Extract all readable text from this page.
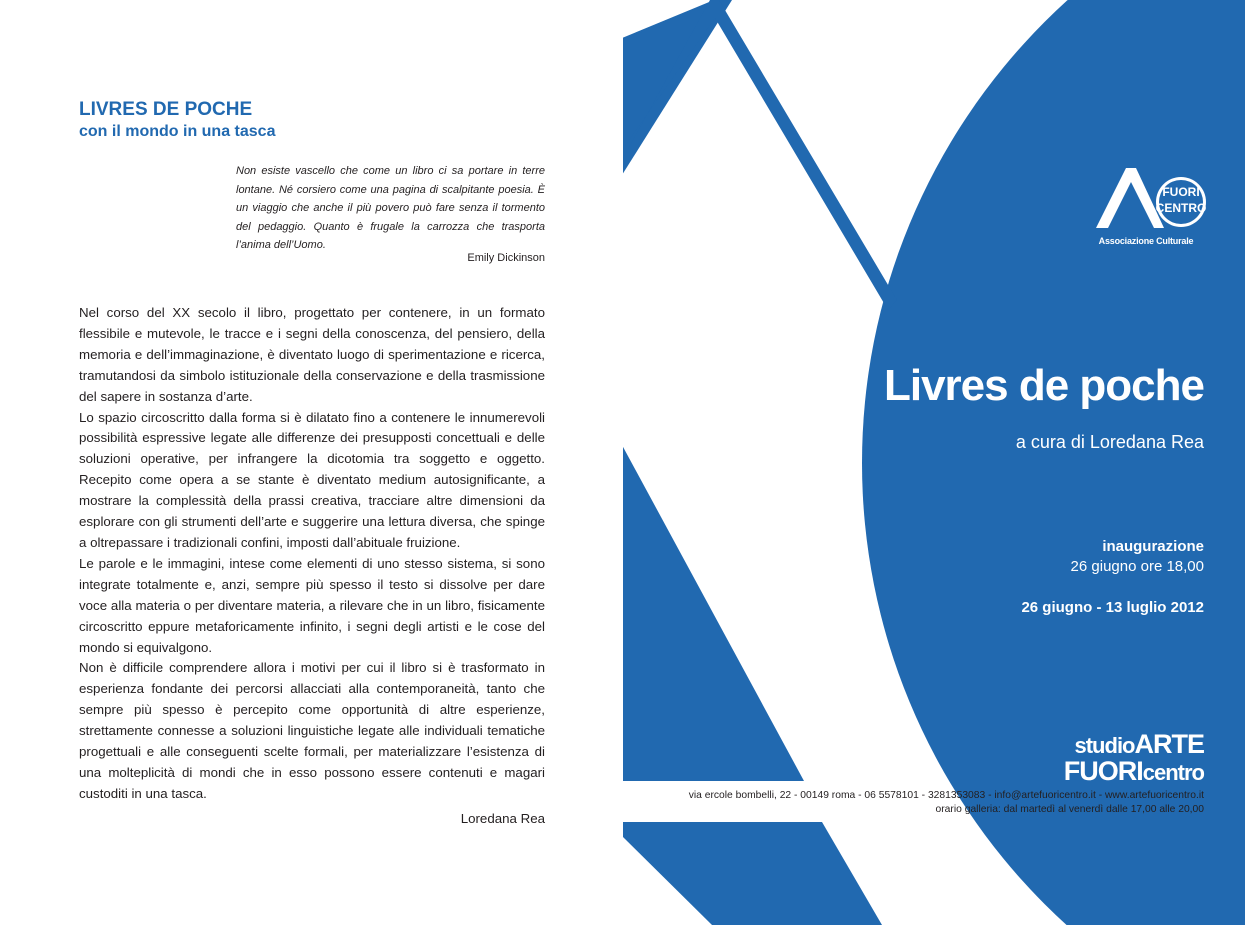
LIVRES DE POCHE
con il mondo in una tasca

Non esiste vascello che come un libro ci sa portare in terre lontane. Né corsiero come una pagina di scalpitante poesia. È un viaggio che anche il più povero può fare senza il tormento del pedaggio. Quanto è frugale la carrozza che trasporta l’anima dell’Uomo.

Emily Dickinson

Nel corso del XX secolo il libro, progettato per contenere, in un formato flessibile e mutevole, le tracce e i segni della conoscenza, del pensiero, della memoria e dell’immaginazione, è diventato luogo di sperimentazione e ricerca, tramutandosi da simbolo istituzionale della conservazione e della trasmissione del sapere in sostanza d’arte.

Lo spazio circoscritto dalla forma si è dilatato fino a contenere le innumerevoli possibilità espressive legate alle differenze dei presupposti concettuali e delle soluzioni operative, per infrangere la dicotomia tra soggetto e oggetto. Recepito come opera a se stante è diventato medium autosignificante, a mostrare la complessità della prassi creativa, tracciare altre dimensioni da esplorare con gli strumenti dell’arte e suggerire una lettura diversa, che spinge a oltrepassare i tradizionali confini, imposti dall’abituale fruizione.

Le parole e le immagini, intese come elementi di uno stesso sistema, si sono integrate totalmente e, anzi, sempre più spesso il testo si dissolve per dare voce alla materia o per diventare materia, a rilevare che in un libro, fisicamente circoscritto eppure metaforicamente infinito, i segni degli artisti e le cose del mondo si equivalgono.

Non è difficile comprendere allora i motivi per cui il libro si è trasformato in esperienza fondante dei percorsi allacciati alla contemporaneità, tanto che sempre più spesso è percepito come opportunità di altre esperienze, strettamente connesse a soluzioni linguistiche legate alle individuali tematiche progettuali e alle conseguenti scelte formali, per materializzare l’esistenza di una molteplicità di mondi che in esso possono essere contenuti e magari custoditi in una tasca.

Loredana Rea
FUORI
CENTRO
Associazione Culturale
Livres de poche
a cura di Loredana Rea
inaugurazione
26 giugno ore 18,00
26 giugno - 13 luglio 2012
studioARTE
FUORIcentro
via ercole bombelli, 22 - 00149 roma - 06 5578101 - 3281353083 - info@artefuoricentro.it - www.artefuoricentro.it
orario galleria: dal martedì al venerdì dalle 17,00 alle 20,00
